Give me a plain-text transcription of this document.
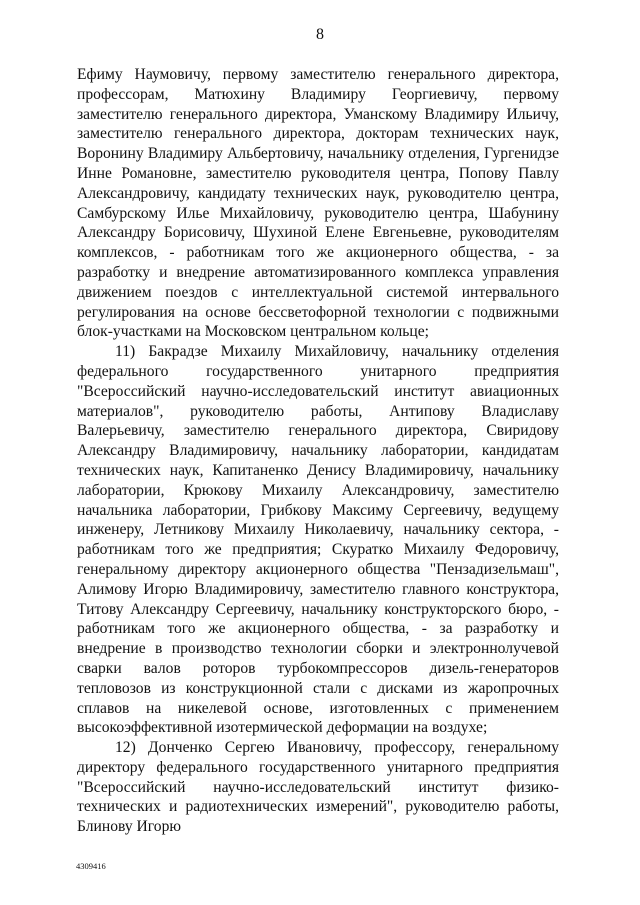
8

Ефиму Наумовичу, первому заместителю генерального директора, профессорам, Матюхину Владимиру Георгиевичу, первому заместителю генерального директора, Уманскому Владимиру Ильичу, заместителю генерального директора, докторам технических наук, Воронину Владимиру Альбертовичу, начальнику отделения, Гургенидзе Инне Романовне, заместителю руководителя центра, Попову Павлу Александровичу, кандидату технических наук, руководителю центра, Самбурскому Илье Михайловичу, руководителю центра, Шабунину Александру Борисовичу, Шухиной Елене Евгеньевне, руководителям комплексов, - работникам того же акционерного общества, - за разработку и внедрение автоматизированного комплекса управления движением поездов с интеллектуальной системой интервального регулирования на основе бессветофорной технологии с подвижными блок-участками на Московском центральном кольце;

11) Бакрадзе Михаилу Михайловичу, начальнику отделения федерального государственного унитарного предприятия "Всероссийский научно-исследовательский институт авиационных материалов", руководителю работы, Антипову Владиславу Валерьевичу, заместителю генерального директора, Свиридову Александру Владимировичу, начальнику лаборатории, кандидатам технических наук, Капитаненко Денису Владимировичу, начальнику лаборатории, Крюкову Михаилу Александровичу, заместителю начальника лаборатории, Грибкову Максиму Сергеевичу, ведущему инженеру, Летникову Михаилу Николаевичу, начальнику сектора, - работникам того же предприятия; Скуратко Михаилу Федоровичу, генеральному директору акционерного общества "Пензадизельмаш", Алимову Игорю Владимировичу, заместителю главного конструктора, Титову Александру Сергеевичу, начальнику конструкторского бюро, - работникам того же акционерного общества, - за разработку и внедрение в производство технологии сборки и электроннолучевой сварки валов роторов турбокомпрессоров дизель-генераторов тепловозов из конструкционной стали с дисками из жаропрочных сплавов на никелевой основе, изготовленных с применением высокоэффективной изотермической деформации на воздухе;

12) Донченко Сергею Ивановичу, профессору, генеральному директору федерального государственного унитарного предприятия "Всероссийский научно-исследовательский институт физико-технических и радиотехнических измерений", руководителю работы, Блинову Игорю

4309416
